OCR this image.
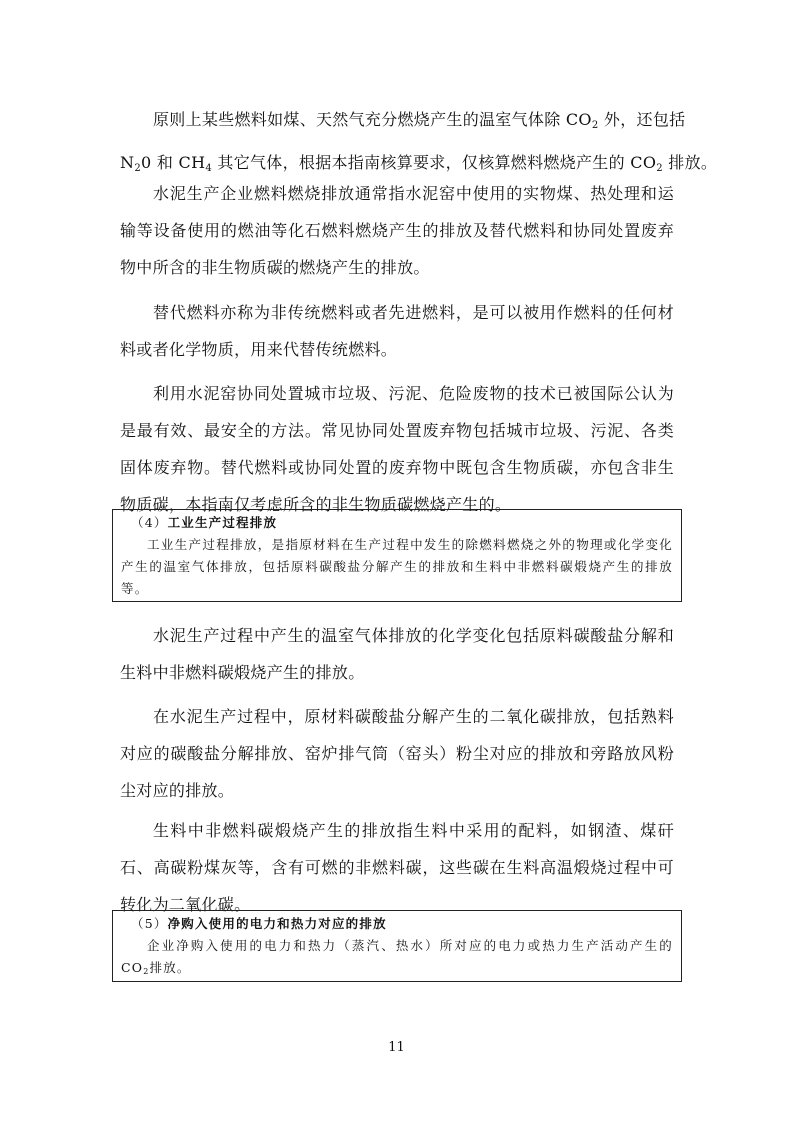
原则上某些燃料如煤、天然气充分燃烧产生的温室气体除 $CO_2$ 外，还包括
$N_20$ 和 $CH_4$ 其它气体，根据本指南核算要求，仅核算燃料燃烧产生的 $CO_2$ 排放。

水泥生产企业燃料燃烧排放通常指水泥窑中使用的实物煤、热处理和运输等设备使用的燃油等化石燃料燃烧产生的排放及替代燃料和协同处置废弃物中所含的非生物质碳的燃烧产生的排放。

替代燃料亦称为非传统燃料或者先进燃料，是可以被用作燃料的任何材料或者化学物质，用来代替传统燃料。

利用水泥窑协同处置城市垃圾、污泥、危险废物的技术已被国际公认为是最有效、最安全的方法。常见协同处置废弃物包括城市垃圾、污泥、各类固体废弃物。替代燃料或协同处置的废弃物中既包含生物质碳，亦包含非生物质碳，本指南仅考虑所含的非生物质碳燃烧产生的。

（4）工业生产过程排放
工业生产过程排放，是指原材料在生产过程中发生的除燃料燃烧之外的物理或化学变化产生的温室气体排放，包括原料碳酸盐分解产生的排放和生料中非燃料碳煅烧产生的排放等。

水泥生产过程中产生的温室气体排放的化学变化包括原料碳酸盐分解和生料中非燃料碳煅烧产生的排放。

在水泥生产过程中，原材料碳酸盐分解产生的二氧化碳排放，包括熟料对应的碳酸盐分解排放、窑炉排气筒（窑头）粉尘对应的排放和旁路放风粉尘对应的排放。

生料中非燃料碳煅烧产生的排放指生料中采用的配料，如钢渣、煤矸石、高碳粉煤灰等，含有可燃的非燃料碳，这些碳在生料高温煅烧过程中可转化为二氧化碳。

（5）净购入使用的电力和热力对应的排放
企业净购入使用的电力和热力（蒸汽、热水）所对应的电力或热力生产活动产生的 $CO_2$排放。
11
